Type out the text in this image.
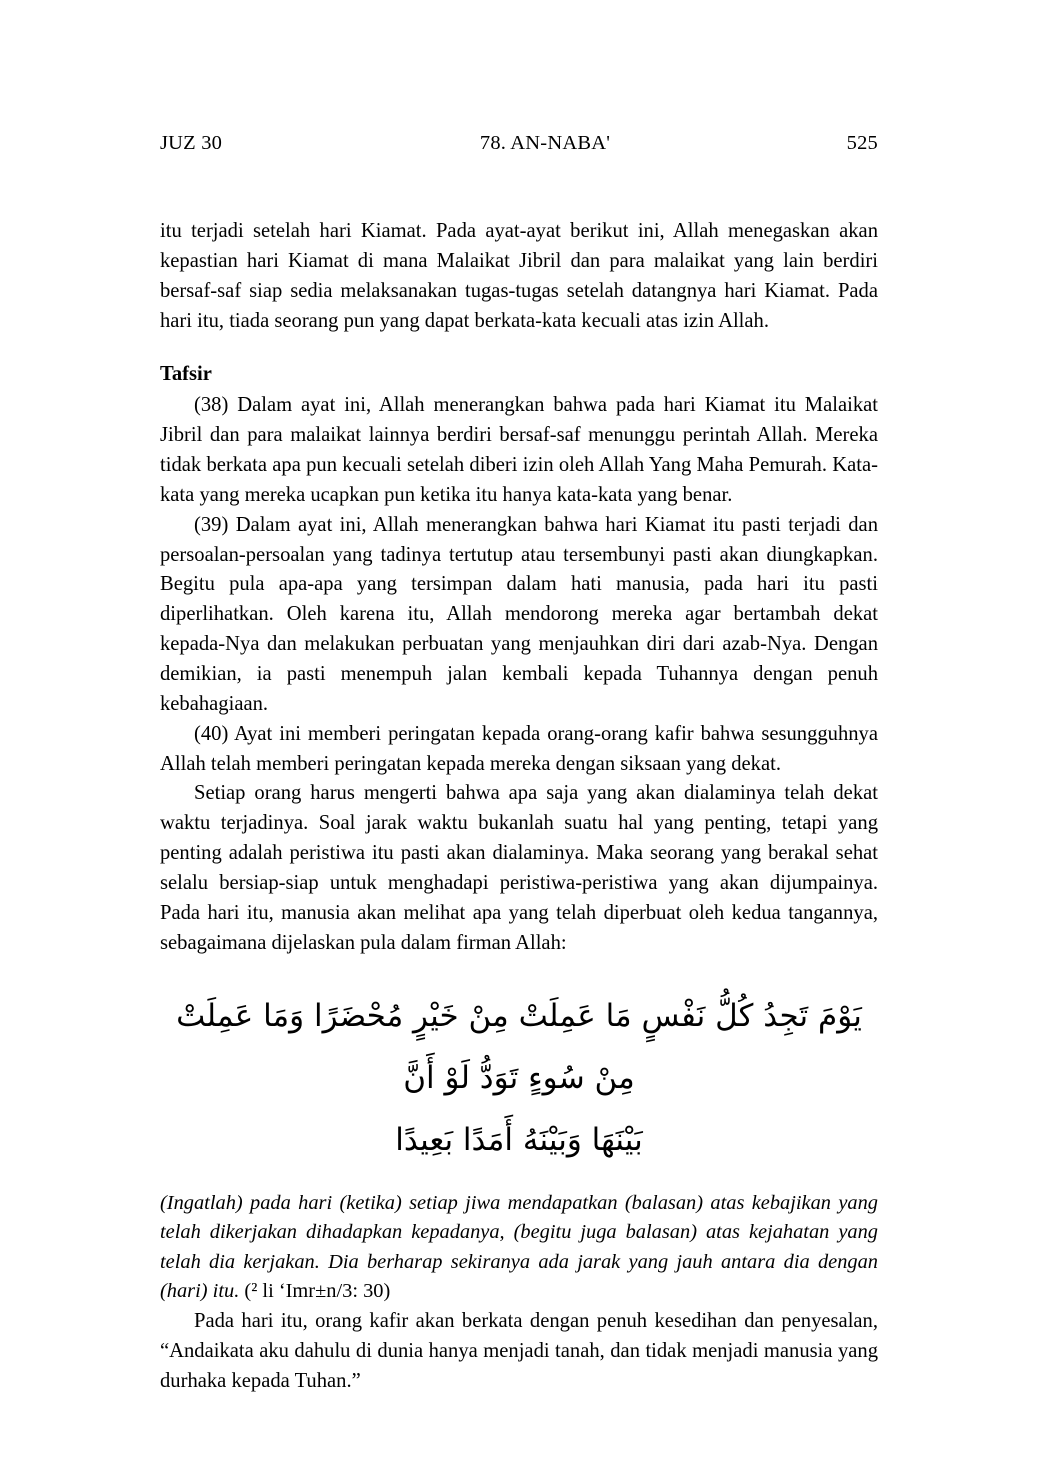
JUZ 30	78. AN-NABA'	525

itu terjadi setelah hari Kiamat. Pada ayat-ayat berikut ini, Allah menegaskan akan kepastian hari Kiamat di mana Malaikat Jibril dan para malaikat yang lain berdiri bersaf-saf siap sedia melaksanakan tugas-tugas setelah datangnya hari Kiamat. Pada hari itu, tiada seorang pun yang dapat berkata-kata kecuali atas izin Allah.

Tafsir

(38) Dalam ayat ini, Allah menerangkan bahwa pada hari Kiamat itu Malaikat Jibril dan para malaikat lainnya berdiri bersaf-saf menunggu perintah Allah. Mereka tidak berkata apa pun kecuali setelah diberi izin oleh Allah Yang Maha Pemurah. Kata-kata yang mereka ucapkan pun ketika itu hanya kata-kata yang benar.

(39) Dalam ayat ini, Allah menerangkan bahwa hari Kiamat itu pasti terjadi dan persoalan-persoalan yang tadinya tertutup atau tersembunyi pasti akan diungkapkan. Begitu pula apa-apa yang tersimpan dalam hati manusia, pada hari itu pasti diperlihatkan. Oleh karena itu, Allah mendorong mereka agar bertambah dekat kepada-Nya dan melakukan perbuatan yang menjauhkan diri dari azab-Nya. Dengan demikian, ia pasti menempuh jalan kembali kepada Tuhannya dengan penuh kebahagiaan.

(40) Ayat ini memberi peringatan kepada orang-orang kafir bahwa sesungguhnya Allah telah memberi peringatan kepada mereka dengan siksaan yang dekat.

Setiap orang harus mengerti bahwa apa saja yang akan dialaminya telah dekat waktu terjadinya. Soal jarak waktu bukanlah suatu hal yang penting, tetapi yang penting adalah peristiwa itu pasti akan dialaminya. Maka seorang yang berakal sehat selalu bersiap-siap untuk menghadapi peristiwa-peristiwa yang akan dijumpainya. Pada hari itu, manusia akan melihat apa yang telah diperbuat oleh kedua tangannya, sebagaimana dijelaskan pula dalam firman Allah:

يَوْمَ تَجِدُ كُلُّ نَفْسٍ مَا عَمِلَتْ مِنْ خَيْرٍ مُحْضَرًا وَمَا عَمِلَتْ مِنْ سُوءٍ تَوَدُّ لَوْ أَنَّ
بَيْنَهَا وَبَيْنَهُ أَمَدًا بَعِيدًا

(Ingatlah) pada hari (ketika) setiap jiwa mendapatkan (balasan) atas kebajikan yang telah dikerjakan dihadapkan kepadanya, (begitu juga balasan) atas kejahatan yang telah dia kerjakan. Dia berharap sekiranya ada jarak yang jauh antara dia dengan (hari) itu. (² li ‘Imr±n/3: 30)

Pada hari itu, orang kafir akan berkata dengan penuh kesedihan dan penyesalan, “Andaikata aku dahulu di dunia hanya menjadi tanah, dan tidak menjadi manusia yang durhaka kepada Tuhan.”
